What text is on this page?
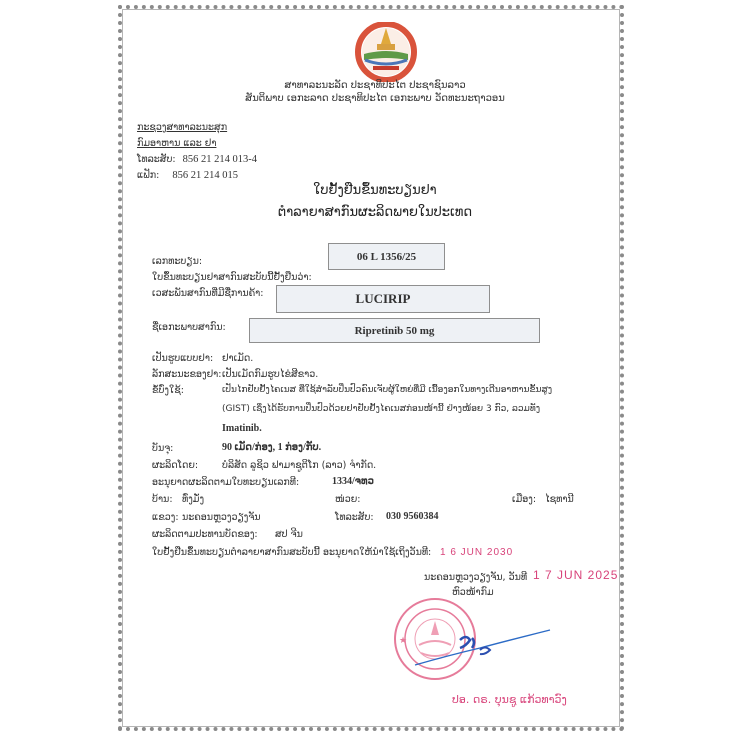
ສາທາລະນະລັດ ປະຊາທິປະໄຕ ປະຊາຊົນລາວ
ສັນຕິພາບ ເອກະລາດ ປະຊາທິປະໄຕ ເອກະພາບ ວັດທະນະຖາວອນ
ກະຊວງສາທາລະນະສຸກ
ກົມອາຫານ ແລະ ຢາ
ໂທລະສັບ: 856 21 214 013-4
ແຟັກ: 856 21 214 015
ໃບຢັ້ງຢືນຂຶ້ນທະບຽນຢາ
ຕຳລາຍາສາກົນຜະລິດພາຍໃນປະເທດ
ເລກທະບຽນ:	06 L 1356/25
ໃບຂຶ້ນທະບຽນຢາສາກົນສະບັບນີ້ຢັ້ງຢືນວ່າ:
ເວສະພັນສາກົນທີ່ມີຊື່ການຄ້າ:	LUCIRIP
ຊື່ເອກະພາບສາກົນ:	Ripretinib 50 mg
ເປັນຮູບແບບຢາ: ຢາເມັດ.
ລັກສະນະຂອງຢາ: ເປັນເມັດກົມຮູບໄຂ່ສີຂາວ.
ຂໍ້ບົ່ງໃຊ້:	ເປັນໄກຢັບຢັ້ງໄຄເນສ ທີ່ໃຊ້ສຳລັບປິ່ນປົວຄົນເຈັບຜູ້ໃຫຍ່ທີ່ມີ ເນື້ອງອກໃນທາງເດີນອາຫານຂັ້ນສູງ
(GIST) ເຊິ່ງໄດ້ຮັບການປິ່ນປົວດ້ວຍຢາຢັບຢັ້ງໄຄເນສກ່ອນໜ້ານີ້ ຢ່າງໜ້ອຍ 3 ກົວ, ລວມທັງ
Imatinib.
ບັນຈຸ:	90 ເມັດ/ກ່ອງ, 1 ກ່ອງ/ກັບ.
ຜະລິດໂດຍ:	ບໍລິສັດ ລູຊິວ ຟາມາຊູຕິໂກ (ລາວ) ຈຳກັດ.
ອະນຸຍາດຜະລິດຕາມໃບທະບຽນເລກທີ:	1334/ຈທວ
ບ້ານ: ທົ່ງມັ່ງ	ໜ່ວຍ:	ເມືອງ: ໄຊທານີ
ແຂວງ: ນະຄອນຫຼວງວຽງຈັນ	ໂທລະສັບ: 030 9560384
ຜະລິດຕາມປະທານບັດຂອງ: ສປ ຈີນ
ໃບຢັ້ງຢືນຂຶ້ນທະບຽນຕຳລາຍາສາກົນສະບັບນີ້ ອະນຸຍາດໃຫ້ນຳໃຊ້ເຖິງວັນທີ: 1 6 JUN 2030
ນະຄອນຫຼວງວຽງຈັນ, ວັນທີ 1 7 JUN 2025
ຫົວໜ້າກົມ
★
ປອ. ດຣ. ບຸນຊູ ແກ້ວທາວົງ
